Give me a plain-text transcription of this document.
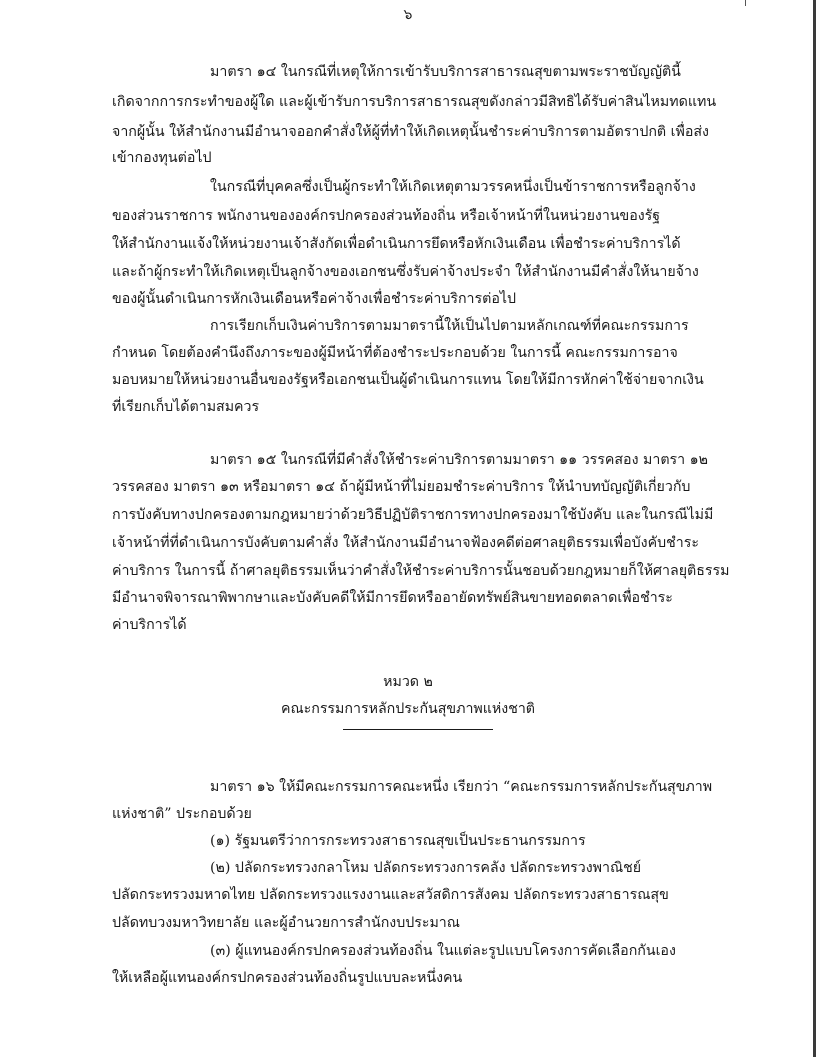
๖
มาตรา ๑๔ ในกรณีที่เหตุให้การเข้ารับบริการสาธารณสุขตามพระราชบัญญัตินี้
เกิดจากการกระทำของผู้ใด และผู้เข้ารับการบริการสาธารณสุขดังกล่าวมีสิทธิได้รับค่าสินไหมทดแทน
จากผู้นั้น ให้สำนักงานมีอำนาจออกคำสั่งให้ผู้ที่ทำให้เกิดเหตุนั้นชำระค่าบริการตามอัตราปกติ เพื่อส่ง
เข้ากองทุนต่อไป
ในกรณีที่บุคคลซึ่งเป็นผู้กระทำให้เกิดเหตุตามวรรคหนึ่งเป็นข้าราชการหรือลูกจ้าง
ของส่วนราชการ พนักงานขององค์กรปกครองส่วนท้องถิ่น หรือเจ้าหน้าที่ในหน่วยงานของรัฐ
ให้สำนักงานแจ้งให้หน่วยงานเจ้าสังกัดเพื่อดำเนินการยึดหรือหักเงินเดือน เพื่อชำระค่าบริการได้
และถ้าผู้กระทำให้เกิดเหตุเป็นลูกจ้างของเอกชนซึ่งรับค่าจ้างประจำ ให้สำนักงานมีคำสั่งให้นายจ้าง
ของผู้นั้นดำเนินการหักเงินเดือนหรือค่าจ้างเพื่อชำระค่าบริการต่อไป
การเรียกเก็บเงินค่าบริการตามมาตรานี้ให้เป็นไปตามหลักเกณฑ์ที่คณะกรรมการ
กำหนด โดยต้องคำนึงถึงภาระของผู้มีหน้าที่ต้องชำระประกอบด้วย ในการนี้ คณะกรรมการอาจ
มอบหมายให้หน่วยงานอื่นของรัฐหรือเอกชนเป็นผู้ดำเนินการแทน โดยให้มีการหักค่าใช้จ่ายจากเงิน
ที่เรียกเก็บได้ตามสมควร
มาตรา ๑๕ ในกรณีที่มีคำสั่งให้ชำระค่าบริการตามมาตรา ๑๑ วรรคสอง มาตรา ๑๒
วรรคสอง มาตรา ๑๓ หรือมาตรา ๑๔ ถ้าผู้มีหน้าที่ไม่ยอมชำระค่าบริการ ให้นำบทบัญญัติเกี่ยวกับ
การบังคับทางปกครองตามกฎหมายว่าด้วยวิธีปฏิบัติราชการทางปกครองมาใช้บังคับ และในกรณีไม่มี
เจ้าหน้าที่ที่ดำเนินการบังคับตามคำสั่ง ให้สำนักงานมีอำนาจฟ้องคดีต่อศาลยุติธรรมเพื่อบังคับชำระ
ค่าบริการ ในการนี้ ถ้าศาลยุติธรรมเห็นว่าคำสั่งให้ชำระค่าบริการนั้นชอบด้วยกฎหมายก็ให้ศาลยุติธรรม
มีอำนาจพิจารณาพิพากษาและบังคับคดีให้มีการยึดหรืออายัดทรัพย์สินขายทอดตลาดเพื่อชำระ
ค่าบริการได้
หมวด ๒
คณะกรรมการหลักประกันสุขภาพแห่งชาติ
มาตรา ๑๖ ให้มีคณะกรรมการคณะหนึ่ง เรียกว่า “คณะกรรมการหลักประกันสุขภาพ
แห่งชาติ” ประกอบด้วย
(๑) รัฐมนตรีว่าการกระทรวงสาธารณสุขเป็นประธานกรรมการ
(๒) ปลัดกระทรวงกลาโหม ปลัดกระทรวงการคลัง ปลัดกระทรวงพาณิชย์
ปลัดกระทรวงมหาดไทย ปลัดกระทรวงแรงงานและสวัสดิการสังคม ปลัดกระทรวงสาธารณสุข
ปลัดทบวงมหาวิทยาลัย และผู้อำนวยการสำนักงบประมาณ
(๓) ผู้แทนองค์กรปกครองส่วนท้องถิ่น ในแต่ละรูปแบบโครงการคัดเลือกกันเอง
ให้เหลือผู้แทนองค์กรปกครองส่วนท้องถิ่นรูปแบบละหนึ่งคน
